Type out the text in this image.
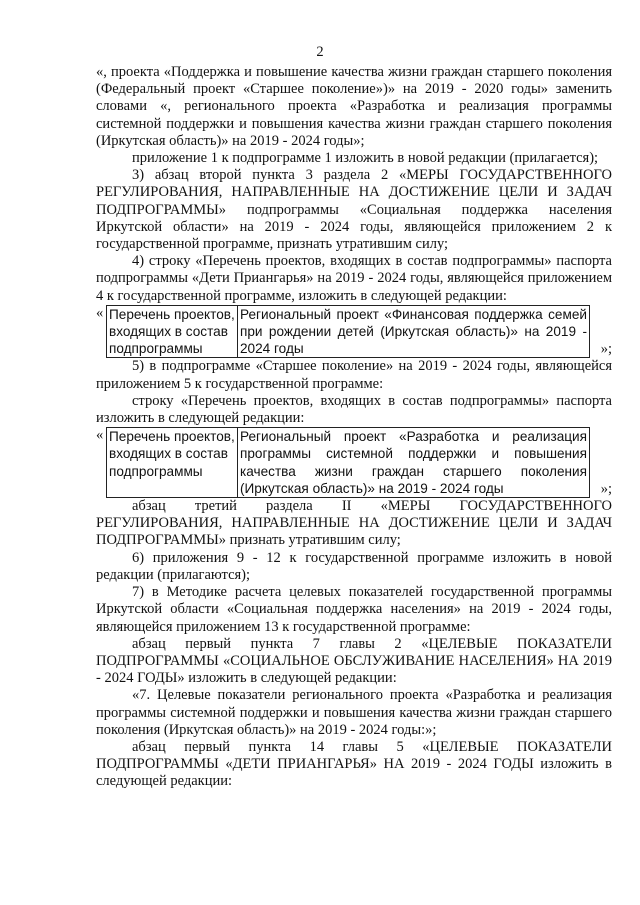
2

«, проекта «Поддержка и повышение качества жизни граждан старшего поколения (Федеральный проект «Старшее поколение»)» на 2019 - 2020 годы» заменить словами «, регионального проекта «Разработка и реализация программы системной поддержки и повышения качества жизни граждан старшего поколения (Иркутская область)» на 2019 - 2024 годы»;

приложение 1 к подпрограмме 1 изложить в новой редакции (прилагается);

3) абзац второй пункта 3 раздела 2 «МЕРЫ ГОСУДАРСТВЕННОГО РЕГУЛИРОВАНИЯ, НАПРАВЛЕННЫЕ НА ДОСТИЖЕНИЕ ЦЕЛИ И ЗАДАЧ ПОДПРОГРАММЫ» подпрограммы «Социальная поддержка населения Иркутской области» на 2019 - 2024 годы, являющейся приложением 2 к государственной программе, признать утратившим силу;

4) строку «Перечень проектов, входящих в состав подпрограммы» паспорта подпрограммы «Дети Приангарья» на 2019 - 2024 годы, являющейся приложением 4 к государственной программе, изложить в следующей редакции:

« Перечень проектов, входящих в состав подпрограммы	Региональный проект «Финансовая поддержка семей при рождении детей (Иркутская область)» на 2019 - 2024 годы	»;

5) в подпрограмме «Старшее поколение» на 2019 - 2024 годы, являющейся приложением 5 к государственной программе:

строку «Перечень проектов, входящих в состав подпрограммы» паспорта изложить в следующей редакции:

« Перечень проектов, входящих в состав подпрограммы	Региональный проект «Разработка и реализация программы системной поддержки и повышения качества жизни граждан старшего поколения (Иркутская область)» на 2019 - 2024 годы	»;

абзац третий раздела II «МЕРЫ ГОСУДАРСТВЕННОГО РЕГУЛИРОВАНИЯ, НАПРАВЛЕННЫЕ НА ДОСТИЖЕНИЕ ЦЕЛИ И ЗАДАЧ ПОДПРОГРАММЫ» признать утратившим силу;

6) приложения 9 - 12 к государственной программе изложить в новой редакции (прилагаются);

7) в Методике расчета целевых показателей государственной программы Иркутской области «Социальная поддержка населения» на 2019 - 2024 годы, являющейся приложением 13 к государственной программе:

абзац первый пункта 7 главы 2 «ЦЕЛЕВЫЕ ПОКАЗАТЕЛИ ПОДПРОГРАММЫ «СОЦИАЛЬНОЕ ОБСЛУЖИВАНИЕ НАСЕЛЕНИЯ» НА 2019 - 2024 ГОДЫ» изложить в следующей редакции:

«7. Целевые показатели регионального проекта «Разработка и реализация программы системной поддержки и повышения качества жизни граждан старшего поколения (Иркутская область)» на 2019 - 2024 годы:»;

абзац первый пункта 14 главы 5 «ЦЕЛЕВЫЕ ПОКАЗАТЕЛИ ПОДПРОГРАММЫ «ДЕТИ ПРИАНГАРЬЯ» НА 2019 - 2024 ГОДЫ изложить в следующей редакции:
